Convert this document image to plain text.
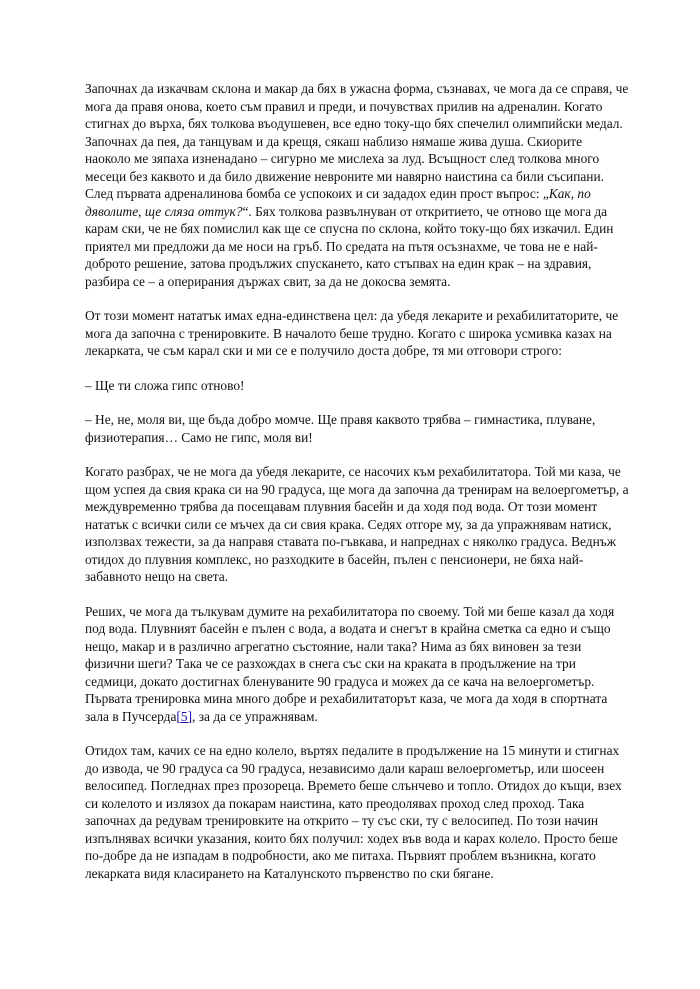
Започнах да изкачвам склона и макар да бях в ужасна форма, съзнавах, че мога да се справя, че мога да правя онова, което съм правил и преди, и почувствах прилив на адреналин. Когато стигнах до върха, бях толкова въодушевен, все едно току-що бях спечелил олимпийски медал. Започнах да пея, да танцувам и да крещя, сякаш наблизо нямаше жива душа. Скиорите наоколо ме зяпаха изненадано – сигурно ме мислеха за луд. Всъщност след толкова много месеци без каквото и да било движение невроните ми навярно наистина са били съсипани. След първата адреналинова бомба се успокоих и си зададох един прост въпрос: „Как, по дяволите, ще сляза оттук?“. Бях толкова развълнуван от откритието, че отново ще мога да карам ски, че не бях помислил как ще се спусна по склона, който току-що бях изкачил. Един приятел ми предложи да ме носи на гръб. По средата на пътя осъзнахме, че това не е най-доброто решение, затова продължих спускането, като стъпвах на един крак – на здравия, разбира се – а оперирания държах свит, за да не докосва земята.

От този момент нататък имах една-единствена цел: да убедя лекарите и рехабилитаторите, че мога да започна с тренировките. В началото беше трудно. Когато с широка усмивка казах на лекарката, че съм карал ски и ми се е получило доста добре, тя ми отговори строго:

– Ще ти сложа гипс отново!

– Не, не, моля ви, ще бъда добро момче. Ще правя каквото трябва – гимнастика, плуване, физиотерапия… Само не гипс, моля ви!

Когато разбрах, че не мога да убедя лекарите, се насочих към рехабилитатора. Той ми каза, че щом успея да свия крака си на 90 градуса, ще мога да започна да тренирам на велоергометър, а междувременно трябва да посещавам плувния басейн и да ходя под вода. От този момент нататък с всички сили се мъчех да си свия крака. Седях отгоре му, за да упражнявам натиск, използвах тежести, за да направя ставата по-гъвкава, и напреднах с няколко градуса. Веднъж отидох до плувния комплекс, но разходките в басейн, пълен с пенсионери, не бяха най-забавното нещо на света.

Реших, че мога да тълкувам думите на рехабилитатора по своему. Той ми беше казал да ходя под вода. Плувният басейн е пълен с вода, а водата и снегът в крайна сметка са едно и също нещо, макар и в различно агрегатно състояние, нали така? Нима аз бях виновен за тези физични шеги? Така че се разхождах в снега със ски на краката в продължение на три седмици, докато достигнах бленуваните 90 градуса и можех да се кача на велоергометър. Първата тренировка мина много добре и рехабилитаторът каза, че мога да ходя в спортната зала в Пучсерда[5], за да се упражнявам.

Отидох там, качих се на едно колело, въртях педалите в продължение на 15 минути и стигнах до извода, че 90 градуса са 90 градуса, независимо дали караш велоергометър, или шосеен велосипед. Погледнах през прозореца. Времето беше слънчево и топло. Отидох до къщи, взех си колелото и излязох да покарам наистина, като преодолявах проход след проход. Така започнах да редувам тренировките на открито – ту със ски, ту с велосипед. По този начин изпълнявах всички указания, които бях получил: ходех във вода и карах колело. Просто беше по-добре да не изпадам в подробности, ако ме питаха. Първият проблем възникна, когато лекарката видя класирането на Каталунското първенство по ски бягане.
